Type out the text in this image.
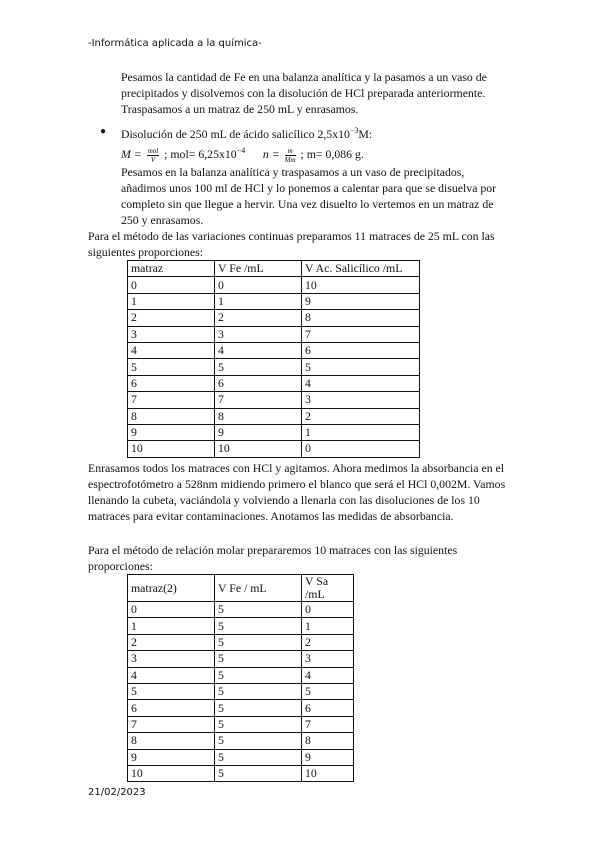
-Informática aplicada a la química-

Pesamos la cantidad de Fe en una balanza analítica y la pasamos a un vaso de precipitados y disolvemos con la disolución de HCl preparada anteriormente. Traspasamos a un matraz de 250 mL y enrasamos.

● Disolución de 250 mL de ácido salicílico $2,5x10^{-3}M$:

$M = \frac{\text{mol}}{V}$ ; $mol= 6,25x10^{-4}$ $n = \frac{m}{Mm}$ ; m= 0,086 g.

Pesamos en la balanza analítica y traspasamos a un vaso de precipitados, añadimos unos 100 ml de HCl y lo ponemos a calentar para que se disuelva por completo sin que llegue a hervir. Una vez disuelto lo vertemos en un matraz de 250 y enrasamos.

Para el método de las variaciones continuas preparamos 11 matraces de 25 mL con las siguientes proporciones:

matraz	V Fe /mL	V Ac. Salicílico /mL
0	0	10
1	1	9
2	2	8
3	3	7
4	4	6
5	5	5
6	6	4
7	7	3
8	8	2
9	9	1
10	10	0

Enrasamos todos los matraces con HCl y agitamos. Ahora medimos la absorbancia en el espectrofotómetro a 528nm midiendo primero el blanco que será el HCl 0,002M. Vamos llenando la cubeta, vaciándola y volviendo a llenarla con las disoluciones de los 10 matraces para evitar contaminaciones. Anotamos las medidas de absorbancia.

Para el método de relación molar prepararemos 10 matraces con las siguientes proporciones:

matraz(2)	V Fe / mL	V Sa /mL
0	5	0
1	5	1
2	5	2
3	5	3
4	5	4
5	5	5
6	5	6
7	5	7
8	5	8
9	5	9
10	5	10
21/02/2023
